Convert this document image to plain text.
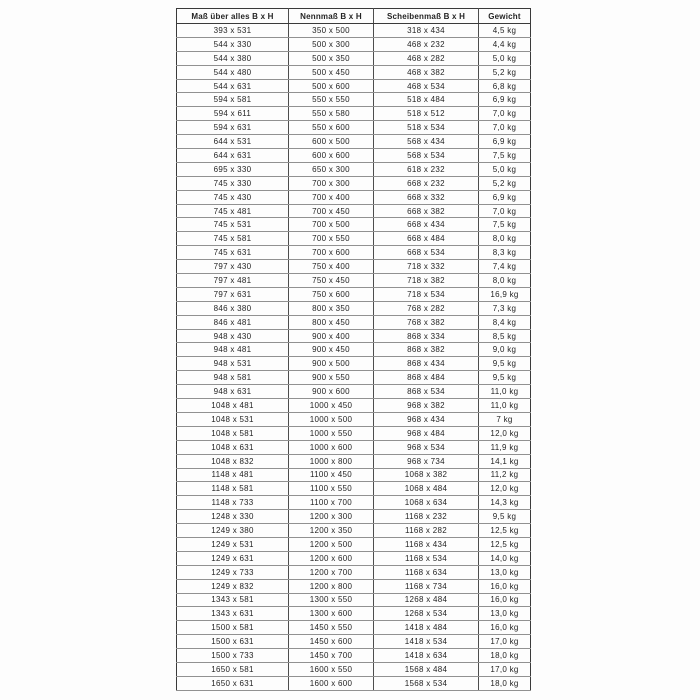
Maß über alles B x H	Nennmaß B x H	Scheibenmaß B x H	Gewicht
393 x 531	350 x 500	318 x 434	4,5 kg
544 x 330	500 x 300	468 x 232	4,4 kg
544 x 380	500 x 350	468 x 282	5,0 kg
544 x 480	500 x 450	468 x 382	5,2 kg
544 x 631	500 x 600	468 x 534	6,8 kg
594 x 581	550 x 550	518 x 484	6,9 kg
594 x 611	550 x 580	518 x 512	7,0 kg
594 x 631	550 x 600	518 x 534	7,0 kg
644 x 531	600 x 500	568 x 434	6,9 kg
644 x 631	600 x 600	568 x 534	7,5 kg
695 x 330	650 x 300	618 x 232	5,0 kg
745 x 330	700 x 300	668 x 232	5,2 kg
745 x 430	700 x 400	668 x 332	6,9 kg
745 x 481	700 x 450	668 x 382	7,0 kg
745 x 531	700 x 500	668 x 434	7,5 kg
745 x 581	700 x 550	668 x 484	8,0 kg
745 x 631	700 x 600	668 x 534	8,3 kg
797 x 430	750 x 400	718 x 332	7,4 kg
797 x 481	750 x 450	718 x 382	8,0 kg
797 x 631	750 x 600	718 x 534	16,9 kg
846 x 380	800 x 350	768 x 282	7,3 kg
846 x 481	800 x 450	768 x 382	8,4 kg
948 x 430	900 x 400	868 x 334	8,5 kg
948 x 481	900 x 450	868 x 382	9,0 kg
948 x 531	900 x 500	868 x 434	9,5 kg
948 x 581	900 x 550	868 x 484	9,5 kg
948 x 631	900 x 600	868 x 534	11,0 kg
1048 x 481	1000 x 450	968 x 382	11,0 kg
1048 x 531	1000 x 500	968 x 434	7 kg
1048 x 581	1000 x 550	968 x 484	12,0 kg
1048 x 631	1000 x 600	968 x 534	11,9 kg
1048 x 832	1000 x 800	968 x 734	14,1 kg
1148 x 481	1100 x 450	1068 x 382	11,2 kg
1148 x 581	1100 x 550	1068 x 484	12,0 kg
1148 x 733	1100 x 700	1068 x 634	14,3 kg
1248 x 330	1200 x 300	1168 x 232	9,5 kg
1249 x 380	1200 x 350	1168 x 282	12,5 kg
1249 x 531	1200 x 500	1168 x 434	12,5 kg
1249 x 631	1200 x 600	1168 x 534	14,0 kg
1249 x 733	1200 x 700	1168 x 634	13,0 kg
1249 x 832	1200 x 800	1168 x 734	16,0 kg
1343 x 581	1300 x 550	1268 x 484	16,0 kg
1343 x 631	1300 x 600	1268 x 534	13,0 kg
1500 x 581	1450 x 550	1418 x 484	16,0 kg
1500 x 631	1450 x 600	1418 x 534	17,0 kg
1500 x 733	1450 x 700	1418 x 634	18,0 kg
1650 x 581	1600 x 550	1568 x 484	17,0 kg
1650 x 631	1600 x 600	1568 x 534	18,0 kg
